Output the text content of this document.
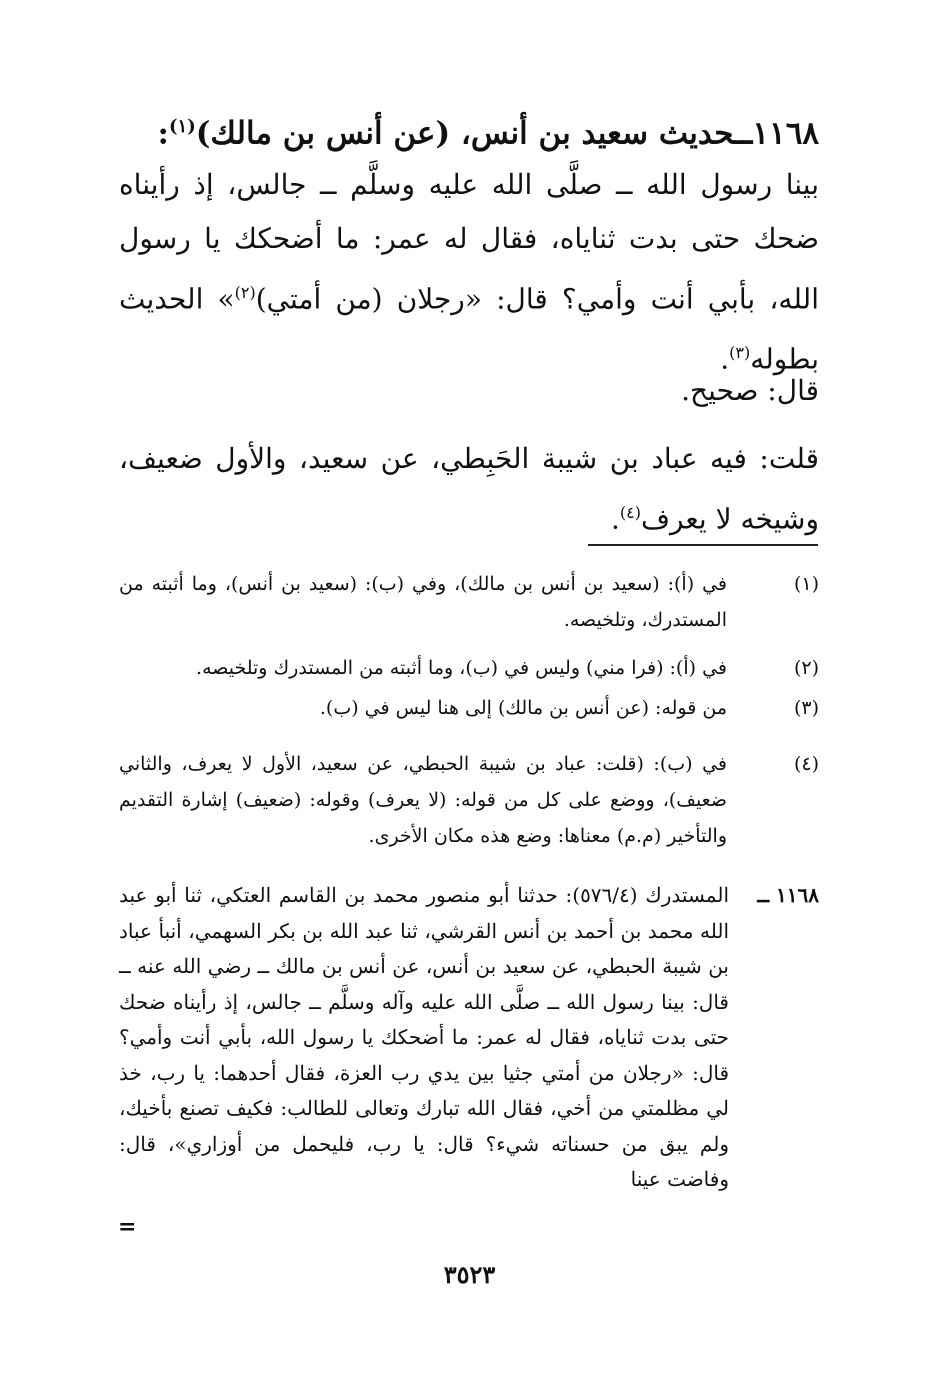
١١٦٨ــحديث سعيد بن أنس، (عن أنس بن مالك)$^{(١)}$:

بينا رسول الله ــ صلَّى الله عليه وسلَّم ــ جالس، إذ رأيناه ضحك حتى بدت ثناياه، فقال له عمر: ما أضحكك يا رسول الله، بأبي أنت وأمي؟ قال: «رجلان (من أمتي)$^{(٢)}$» الحديث بطوله$^{(٣)}$.

قال: صحيح.

قلت: فيه عباد بن شيبة الحَبِطي، عن سعيد، والأول ضعيف، وشيخه لا يعرف$^{(٤)}$.

(١)
في (أ): (سعيد بن أنس بن مالك)، وفي (ب): (سعيد بن أنس)، وما أثبته من المستدرك، وتلخيصه.
(٢)
في (أ): (فرا مني) وليس في (ب)، وما أثبته من المستدرك وتلخيصه.
(٣)
من قوله: (عن أنس بن مالك) إلى هنا ليس في (ب).
(٤)
في (ب): (قلت: عباد بن شيبة الحبطي، عن سعيد، الأول لا يعرف، والثاني ضعيف)، ووضع على كل من قوله: (لا يعرف) وقوله: (ضعيف) إشارة التقديم والتأخير (م.م) معناها: وضع هذه مكان الأخرى.
١١٦٨ ــ
المستدرك (٥٧٦/٤): حدثنا أبو منصور محمد بن القاسم العتكي، ثنا أبو عبد الله محمد بن أحمد بن أنس القرشي، ثنا عبد الله بن بكر السهمي، أنبأ عباد بن شيبة الحبطي، عن سعيد بن أنس، عن أنس بن مالك ــ رضي الله عنه ــ قال: بينا رسول الله ــ صلَّى الله عليه وآله وسلَّم ــ جالس، إذ رأيناه ضحك حتى بدت ثناياه، فقال له عمر: ما أضحكك يا رسول الله، بأبي أنت وأمي؟ قال: «رجلان من أمتي جثيا بين يدي رب العزة، فقال أحدهما: يا رب، خذ لي مظلمتي من أخي، فقال الله تبارك وتعالى للطالب: فكيف تصنع بأخيك، ولم يبق من حسناته شيء؟ قال: يا رب، فليحمل من أوزاري»، قال: وفاضت عينا
=
٣٥٢٣
